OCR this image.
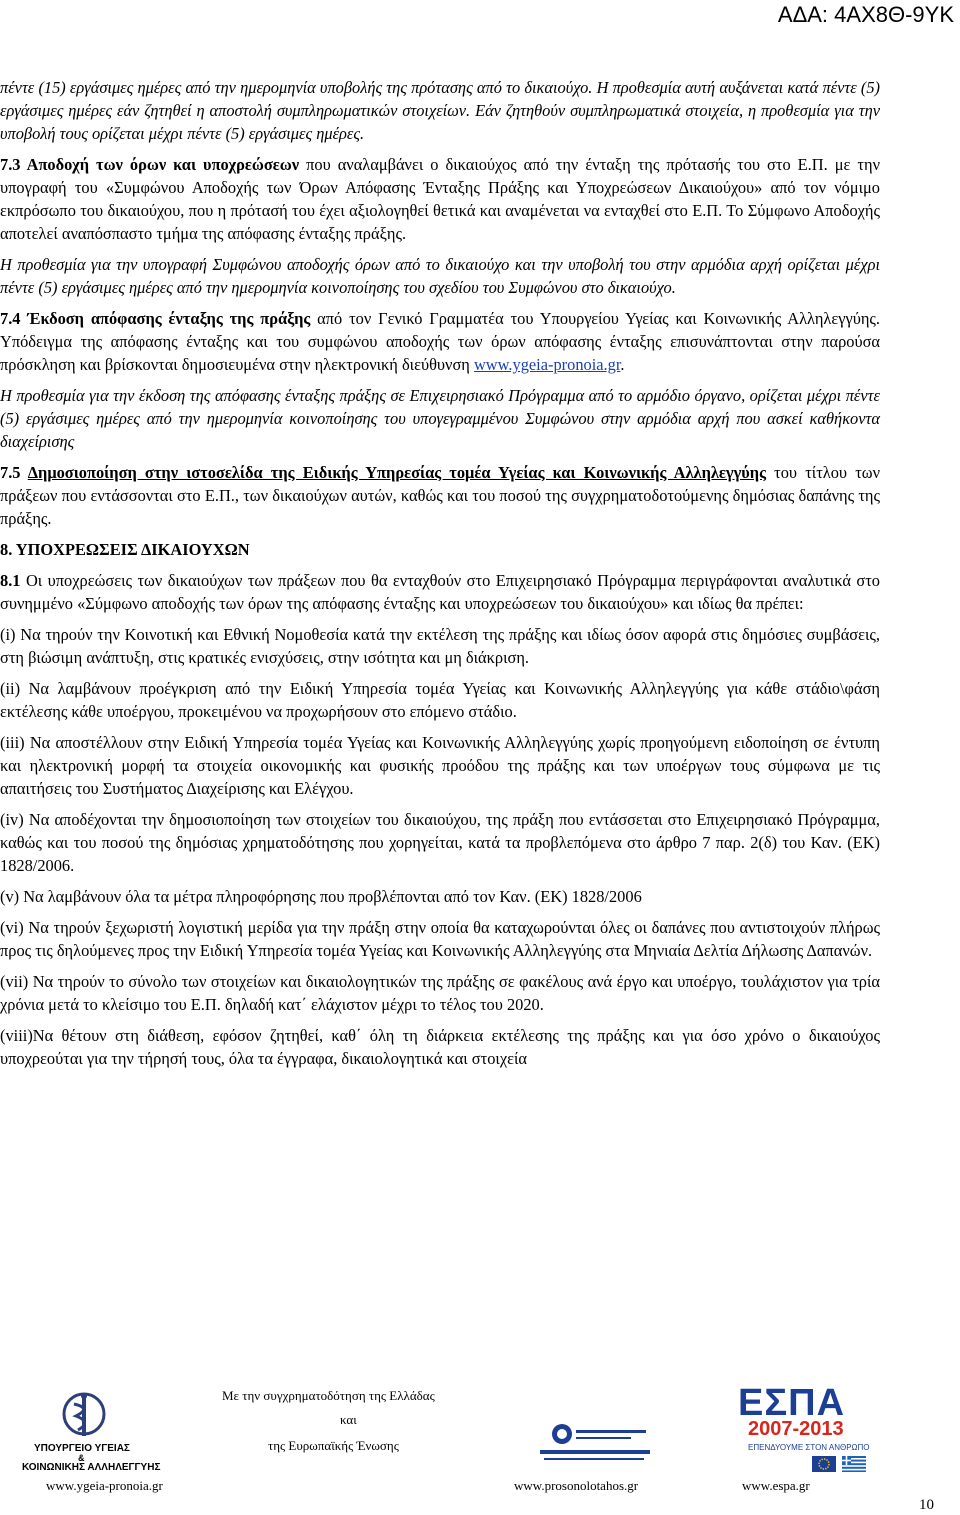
ΑΔΑ: 4ΑΧ8Θ-9ΥΚ

πέντε (15) εργάσιμες ημέρες από την ημερομηνία υποβολής της πρότασης από το δικαιούχο. Η προθεσμία αυτή αυξάνεται κατά πέντε (5) εργάσιμες ημέρες εάν ζητηθεί η αποστολή συμπληρωματικών στοιχείων. Εάν ζητηθούν συμπληρωματικά στοιχεία, η προθεσμία για την υποβολή τους ορίζεται μέχρι πέντε (5) εργάσιμες ημέρες.

7.3 Αποδοχή των όρων και υποχρεώσεων που αναλαμβάνει ο δικαιούχος από την ένταξη της πρότασής του στο Ε.Π. με την υπογραφή του «Συμφώνου Αποδοχής των Όρων Απόφασης Ένταξης Πράξης και Υποχρεώσεων Δικαιούχου» από τον νόμιμο εκπρόσωπο του δικαιούχου, που η πρότασή του έχει αξιολογηθεί θετικά και αναμένεται να ενταχθεί στο Ε.Π. Το Σύμφωνο Αποδοχής αποτελεί αναπόσπαστο τμήμα της απόφασης ένταξης πράξης.

Η προθεσμία για την υπογραφή Συμφώνου αποδοχής όρων από το δικαιούχο και την υποβολή του στην αρμόδια αρχή ορίζεται μέχρι πέντε (5) εργάσιμες ημέρες από την ημερομηνία κοινοποίησης του σχεδίου του Συμφώνου στο δικαιούχο.

7.4 Έκδοση απόφασης ένταξης της πράξης από τον Γενικό Γραμματέα του Υπουργείου Υγείας και Κοινωνικής Αλληλεγγύης. Υπόδειγμα της απόφασης ένταξης και του συμφώνου αποδοχής των όρων απόφασης ένταξης επισυνάπτονται στην παρούσα πρόσκληση και βρίσκονται δημοσιευμένα στην ηλεκτρονική διεύθυνση www.ygeia-pronoia.gr.

Η προθεσμία για την έκδοση της απόφασης ένταξης πράξης σε Επιχειρησιακό Πρόγραμμα από το αρμόδιο όργανο, ορίζεται μέχρι πέντε (5) εργάσιμες ημέρες από την ημερομηνία κοινοποίησης του υπογεγραμμένου Συμφώνου στην αρμόδια αρχή που ασκεί καθήκοντα διαχείρισης

7.5 Δημοσιοποίηση στην ιστοσελίδα της Ειδικής Υπηρεσίας τομέα Υγείας και Κοινωνικής Αλληλεγγύης του τίτλου των πράξεων που εντάσσονται στο Ε.Π., των δικαιούχων αυτών, καθώς και του ποσού της συγχρηματοδοτούμενης δημόσιας δαπάνης της πράξης.

8. ΥΠΟΧΡΕΩΣΕΙΣ ΔΙΚΑΙΟΥΧΩΝ

8.1 Οι υποχρεώσεις των δικαιούχων των πράξεων που θα ενταχθούν στο Επιχειρησιακό Πρόγραμμα περιγράφονται αναλυτικά στο συνημμένο «Σύμφωνο αποδοχής των όρων της απόφασης ένταξης και υποχρεώσεων του δικαιούχου» και ιδίως θα πρέπει:

(i) Να τηρούν την Κοινοτική και Εθνική Νομοθεσία κατά την εκτέλεση της πράξης και ιδίως όσον αφορά στις δημόσιες συμβάσεις, στη βιώσιμη ανάπτυξη, στις κρατικές ενισχύσεις, στην ισότητα και μη διάκριση.

(ii) Να λαμβάνουν προέγκριση από την Ειδική Υπηρεσία τομέα Υγείας και Κοινωνικής Αλληλεγγύης για κάθε στάδιο\φάση εκτέλεσης κάθε υποέργου, προκειμένου να προχωρήσουν στο επόμενο στάδιο.

(iii) Να αποστέλλουν στην Ειδική Υπηρεσία τομέα Υγείας και Κοινωνικής Αλληλεγγύης χωρίς προηγούμενη ειδοποίηση σε έντυπη και ηλεκτρονική μορφή τα στοιχεία οικονομικής και φυσικής προόδου της πράξης και των υποέργων τους σύμφωνα με τις απαιτήσεις του Συστήματος Διαχείρισης και Ελέγχου.

(iv) Να αποδέχονται την δημοσιοποίηση των στοιχείων του δικαιούχου, της πράξη που εντάσσεται στο Επιχειρησιακό Πρόγραμμα, καθώς και του ποσού της δημόσιας χρηματοδότησης που χορηγείται, κατά τα προβλεπόμενα στο άρθρο 7 παρ. 2(δ) του Καν. (ΕΚ) 1828/2006.

(v) Να λαμβάνουν όλα τα μέτρα πληροφόρησης που προβλέπονται από τον Καν. (ΕΚ) 1828/2006

(vi) Να τηρούν ξεχωριστή λογιστική μερίδα για την πράξη στην οποία θα καταχωρούνται όλες οι δαπάνες που αντιστοιχούν πλήρως προς τις δηλούμενες προς την Ειδική Υπηρεσία τομέα Υγείας και Κοινωνικής Αλληλεγγύης στα Μηνιαία Δελτία Δήλωσης Δαπανών.

(vii) Να τηρούν το σύνολο των στοιχείων και δικαιολογητικών της πράξης σε φακέλους ανά έργο και υποέργο, τουλάχιστον για τρία χρόνια μετά το κλείσιμο του Ε.Π. δηλαδή κατ΄ ελάχιστον μέχρι το τέλος του 2020.

(viii)Να θέτουν στη διάθεση, εφόσον ζητηθεί, καθ΄ όλη τη διάρκεια εκτέλεσης της πράξης και για όσο χρόνο ο δικαιούχος υποχρεούται για την τήρησή τους, όλα τα έγγραφα, δικαιολογητικά και στοιχεία

ΥΠΟΥΡΓΕΙΟ ΥΓΕΙΑΣ
&
ΚΟΙΝΩΝΙΚΗΣ ΑΛΛΗΛΕΓΓΥΗΣ
Με την συγχρηματοδότηση της Ελλάδας
και
της Ευρωπαϊκής Ένωσης
ΕΣΠΑ
2007-2013
ΕΠΕΝΔΥΟΥΜΕ ΣΤΟΝ ΑΝΘΡΩΠΟ
www.ygeia-pronoia.gr	www.prosonolotahos.gr	www.espa.gr
10
